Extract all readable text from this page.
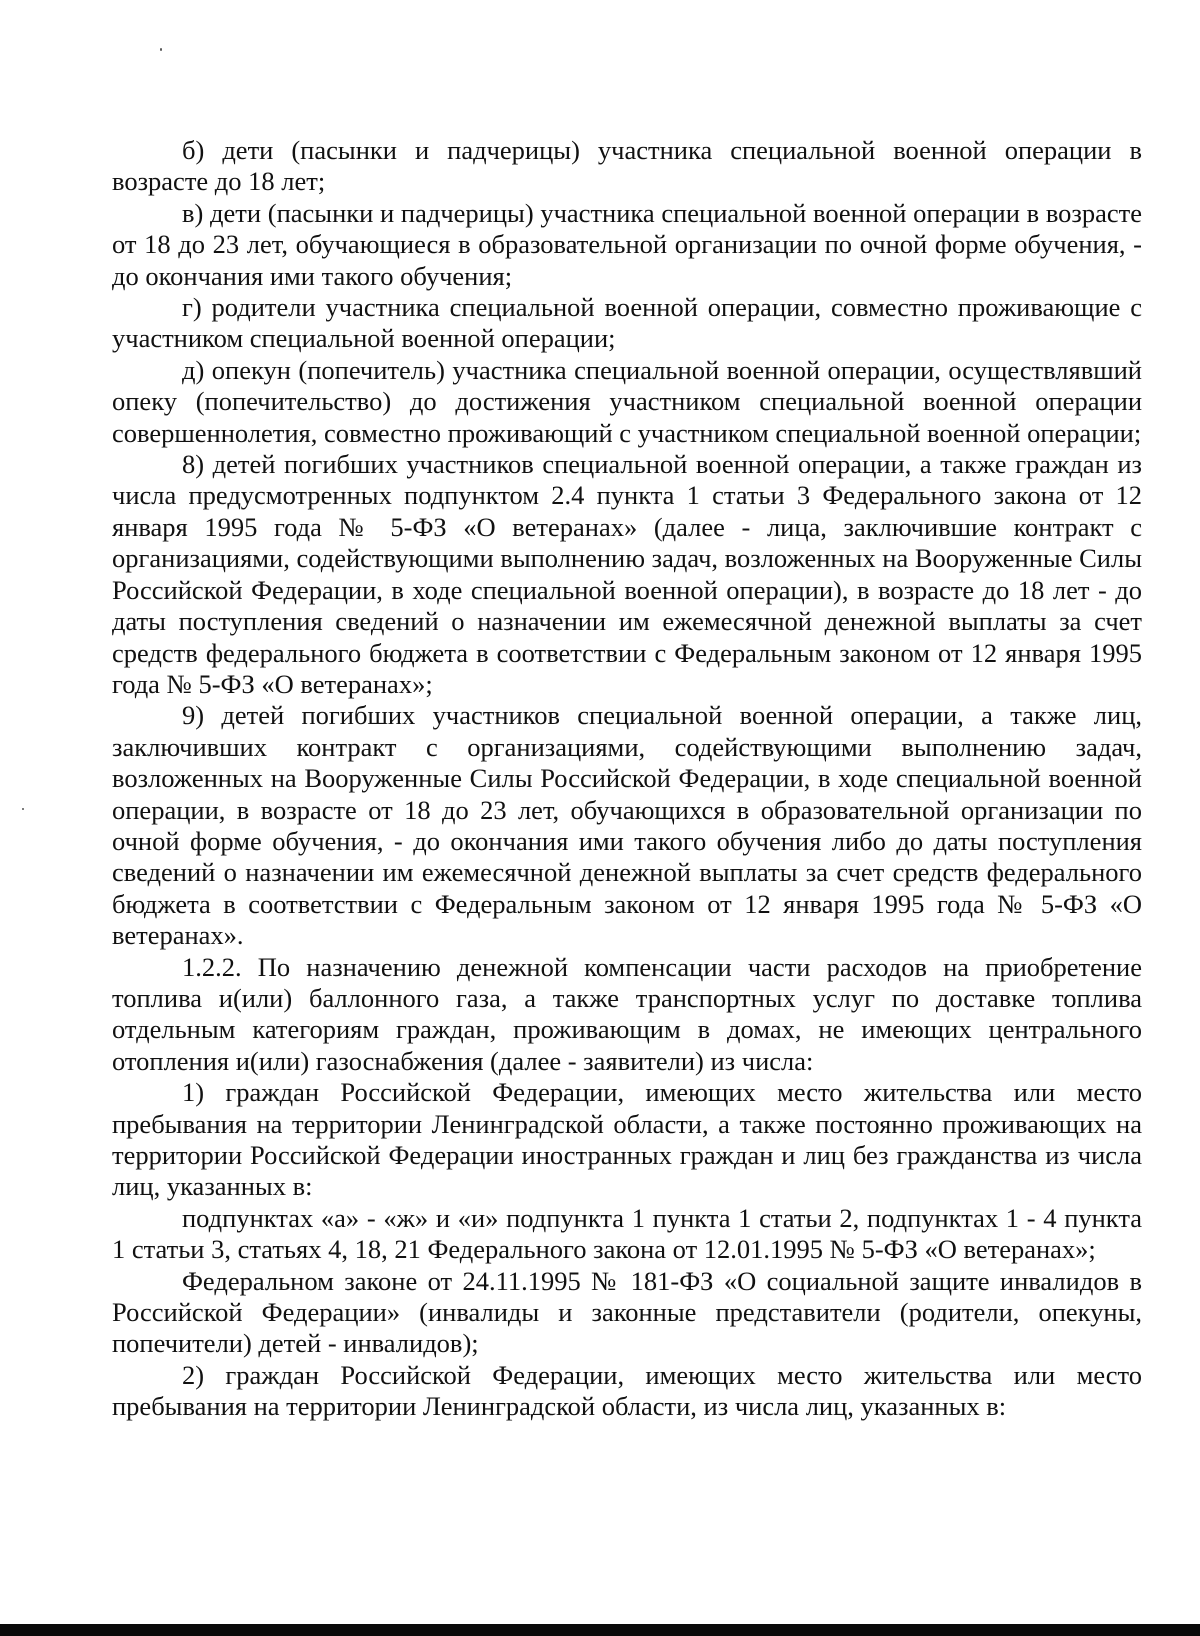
б) дети (пасынки и падчерицы) участника специальной военной операции в возрасте до 18 лет;

в) дети (пасынки и падчерицы) участника специальной военной операции в возрасте от 18 до 23 лет, обучающиеся в образовательной организации по очной форме обучения, - до окончания ими такого обучения;

г) родители участника специальной военной операции, совместно проживающие с участником специальной военной операции;

д) опекун (попечитель) участника специальной военной операции, осуществлявший опеку (попечительство) до достижения участником специальной военной операции совершеннолетия, совместно проживающий с участником специальной военной операции;

8) детей погибших участников специальной военной операции, а также граждан из числа предусмотренных подпунктом 2.4 пункта 1 статьи 3 Федерального закона от 12 января 1995 года № 5-ФЗ «О ветеранах» (далее - лица, заключившие контракт с организациями, содействующими выполнению задач, возложенных на Вооруженные Силы Российской Федерации, в ходе специальной военной операции), в возрасте до 18 лет - до даты поступления сведений о назначении им ежемесячной денежной выплаты за счет средств федерального бюджета в соответствии с Федеральным законом от 12 января 1995 года № 5-ФЗ «О ветеранах»;

9) детей погибших участников специальной военной операции, а также лиц, заключивших контракт с организациями, содействующими выполнению задач, возложенных на Вооруженные Силы Российской Федерации, в ходе специальной военной операции, в возрасте от 18 до 23 лет, обучающихся в образовательной организации по очной форме обучения, - до окончания ими такого обучения либо до даты поступления сведений о назначении им ежемесячной денежной выплаты за счет средств федерального бюджета в соответствии с Федеральным законом от 12 января 1995 года № 5-ФЗ «О ветеранах».

1.2.2. По назначению денежной компенсации части расходов на приобретение топлива и(или) баллонного газа, а также транспортных услуг по доставке топлива отдельным категориям граждан, проживающим в домах, не имеющих центрального отопления и(или) газоснабжения (далее - заявители) из числа:

1) граждан Российской Федерации, имеющих место жительства или место пребывания на территории Ленинградской области, а также постоянно проживающих на территории Российской Федерации иностранных граждан и лиц без гражданства из числа лиц, указанных в:

подпунктах «а» - «ж» и «и» подпункта 1 пункта 1 статьи 2, подпунктах 1 - 4 пункта 1 статьи 3, статьях 4, 18, 21 Федерального закона от 12.01.1995 № 5-ФЗ «О ветеранах»;

Федеральном законе от 24.11.1995 № 181-ФЗ «О социальной защите инвалидов в Российской Федерации» (инвалиды и законные представители (родители, опекуны, попечители) детей - инвалидов);

2) граждан Российской Федерации, имеющих место жительства или место пребывания на территории Ленинградской области, из числа лиц, указанных в:
